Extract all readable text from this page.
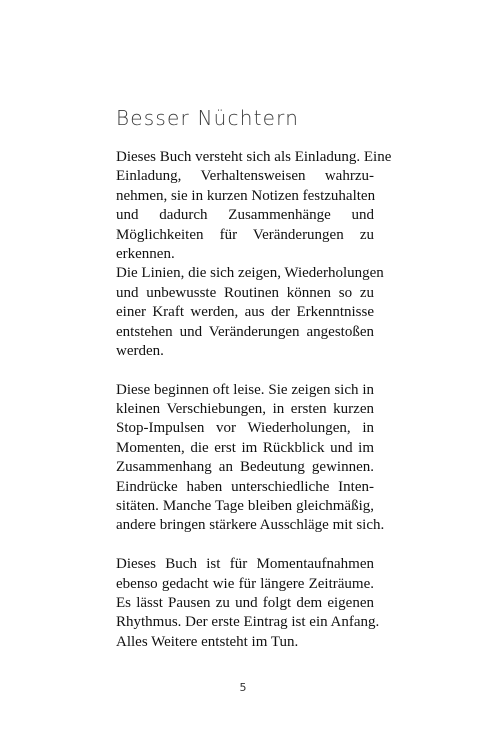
Besser Nüchtern
Dieses Buch versteht sich als Einladung. Eine
Einladung, Verhaltensweisen wahrzu-
nehmen, sie in kurzen Notizen festzuhalten
und dadurch Zusammenhänge und
Möglichkeiten für Veränderungen zu
erkennen.
Die Linien, die sich zeigen, Wiederholungen
und unbewusste Routinen können so zu
einer Kraft werden, aus der Erkenntnisse
entstehen und Veränderungen angestoßen
werden.
Diese beginnen oft leise. Sie zeigen sich in
kleinen Verschiebungen, in ersten kurzen
Stop-Impulsen vor Wiederholungen, in
Momenten, die erst im Rückblick und im
Zusammenhang an Bedeutung gewinnen.
Eindrücke haben unterschiedliche Inten-
sitäten. Manche Tage bleiben gleichmäßig,
andere bringen stärkere Ausschläge mit sich.
Dieses Buch ist für Momentaufnahmen
ebenso gedacht wie für längere Zeiträume.
Es lässt Pausen zu und folgt dem eigenen
Rhythmus. Der erste Eintrag ist ein Anfang.
Alles Weitere entsteht im Tun.
5
